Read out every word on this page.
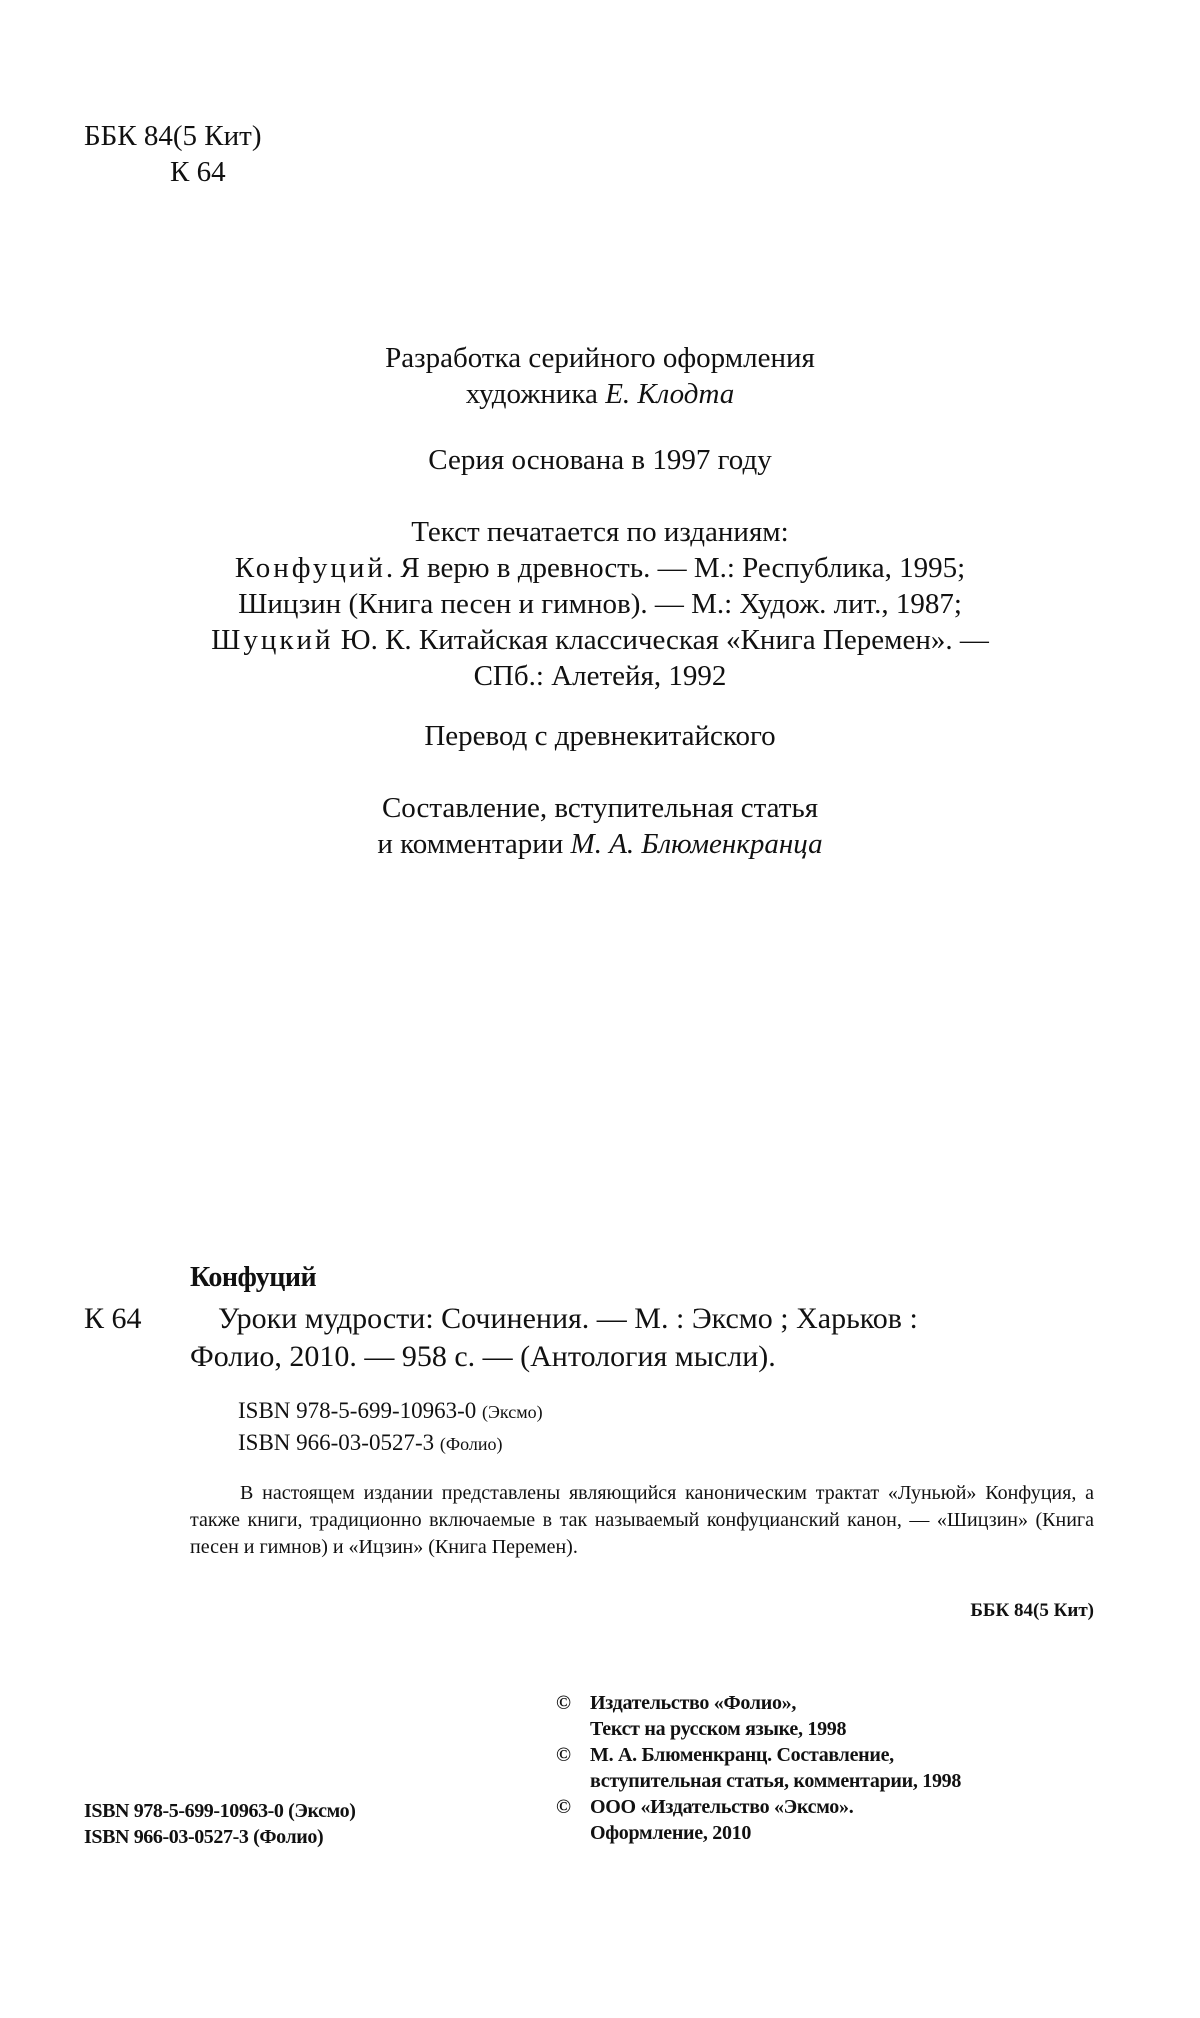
ББК 84(5 Кит)
К 64
Разработка серийного оформления
художника Е. Клодта
Серия основана в 1997 году
Текст печатается по изданиям:
Конфуций. Я верю в древность. — М.: Республика, 1995;
Шицзин (Книга песен и гимнов). — М.: Худож. лит., 1987;
Шуцкий Ю. К. Китайская классическая «Книга Перемен». —
СПб.: Алетейя, 1992
Перевод с древнекитайского
Составление, вступительная статья
и комментарии М. А. Блюменкранца
Конфуций
К 64	Уроки мудрости: Сочинения. — М. : Эксмо ; Харьков :
Фолио, 2010. — 958 с. — (Антология мысли).
ISBN 978-5-699-10963-0 (Эксмо)
ISBN 966-03-0527-3 (Фолио)
В настоящем издании представлены являющийся каноническим трактат «Луньюй» Конфуция, а также книги, традиционно включаемые в так называемый конфуцианский канон, — «Шицзин» (Книга песен и гимнов) и «Ицзин» (Книга Перемен).
ББК 84(5 Кит)
ISBN 978-5-699-10963-0 (Эксмо)
ISBN 966-03-0527-3 (Фолио)
© Издательство «Фолио»,
Текст на русском языке, 1998
© М. А. Блюменкранц. Составление,
вступительная статья, комментарии, 1998
© ООО «Издательство «Эксмо».
Оформление, 2010
